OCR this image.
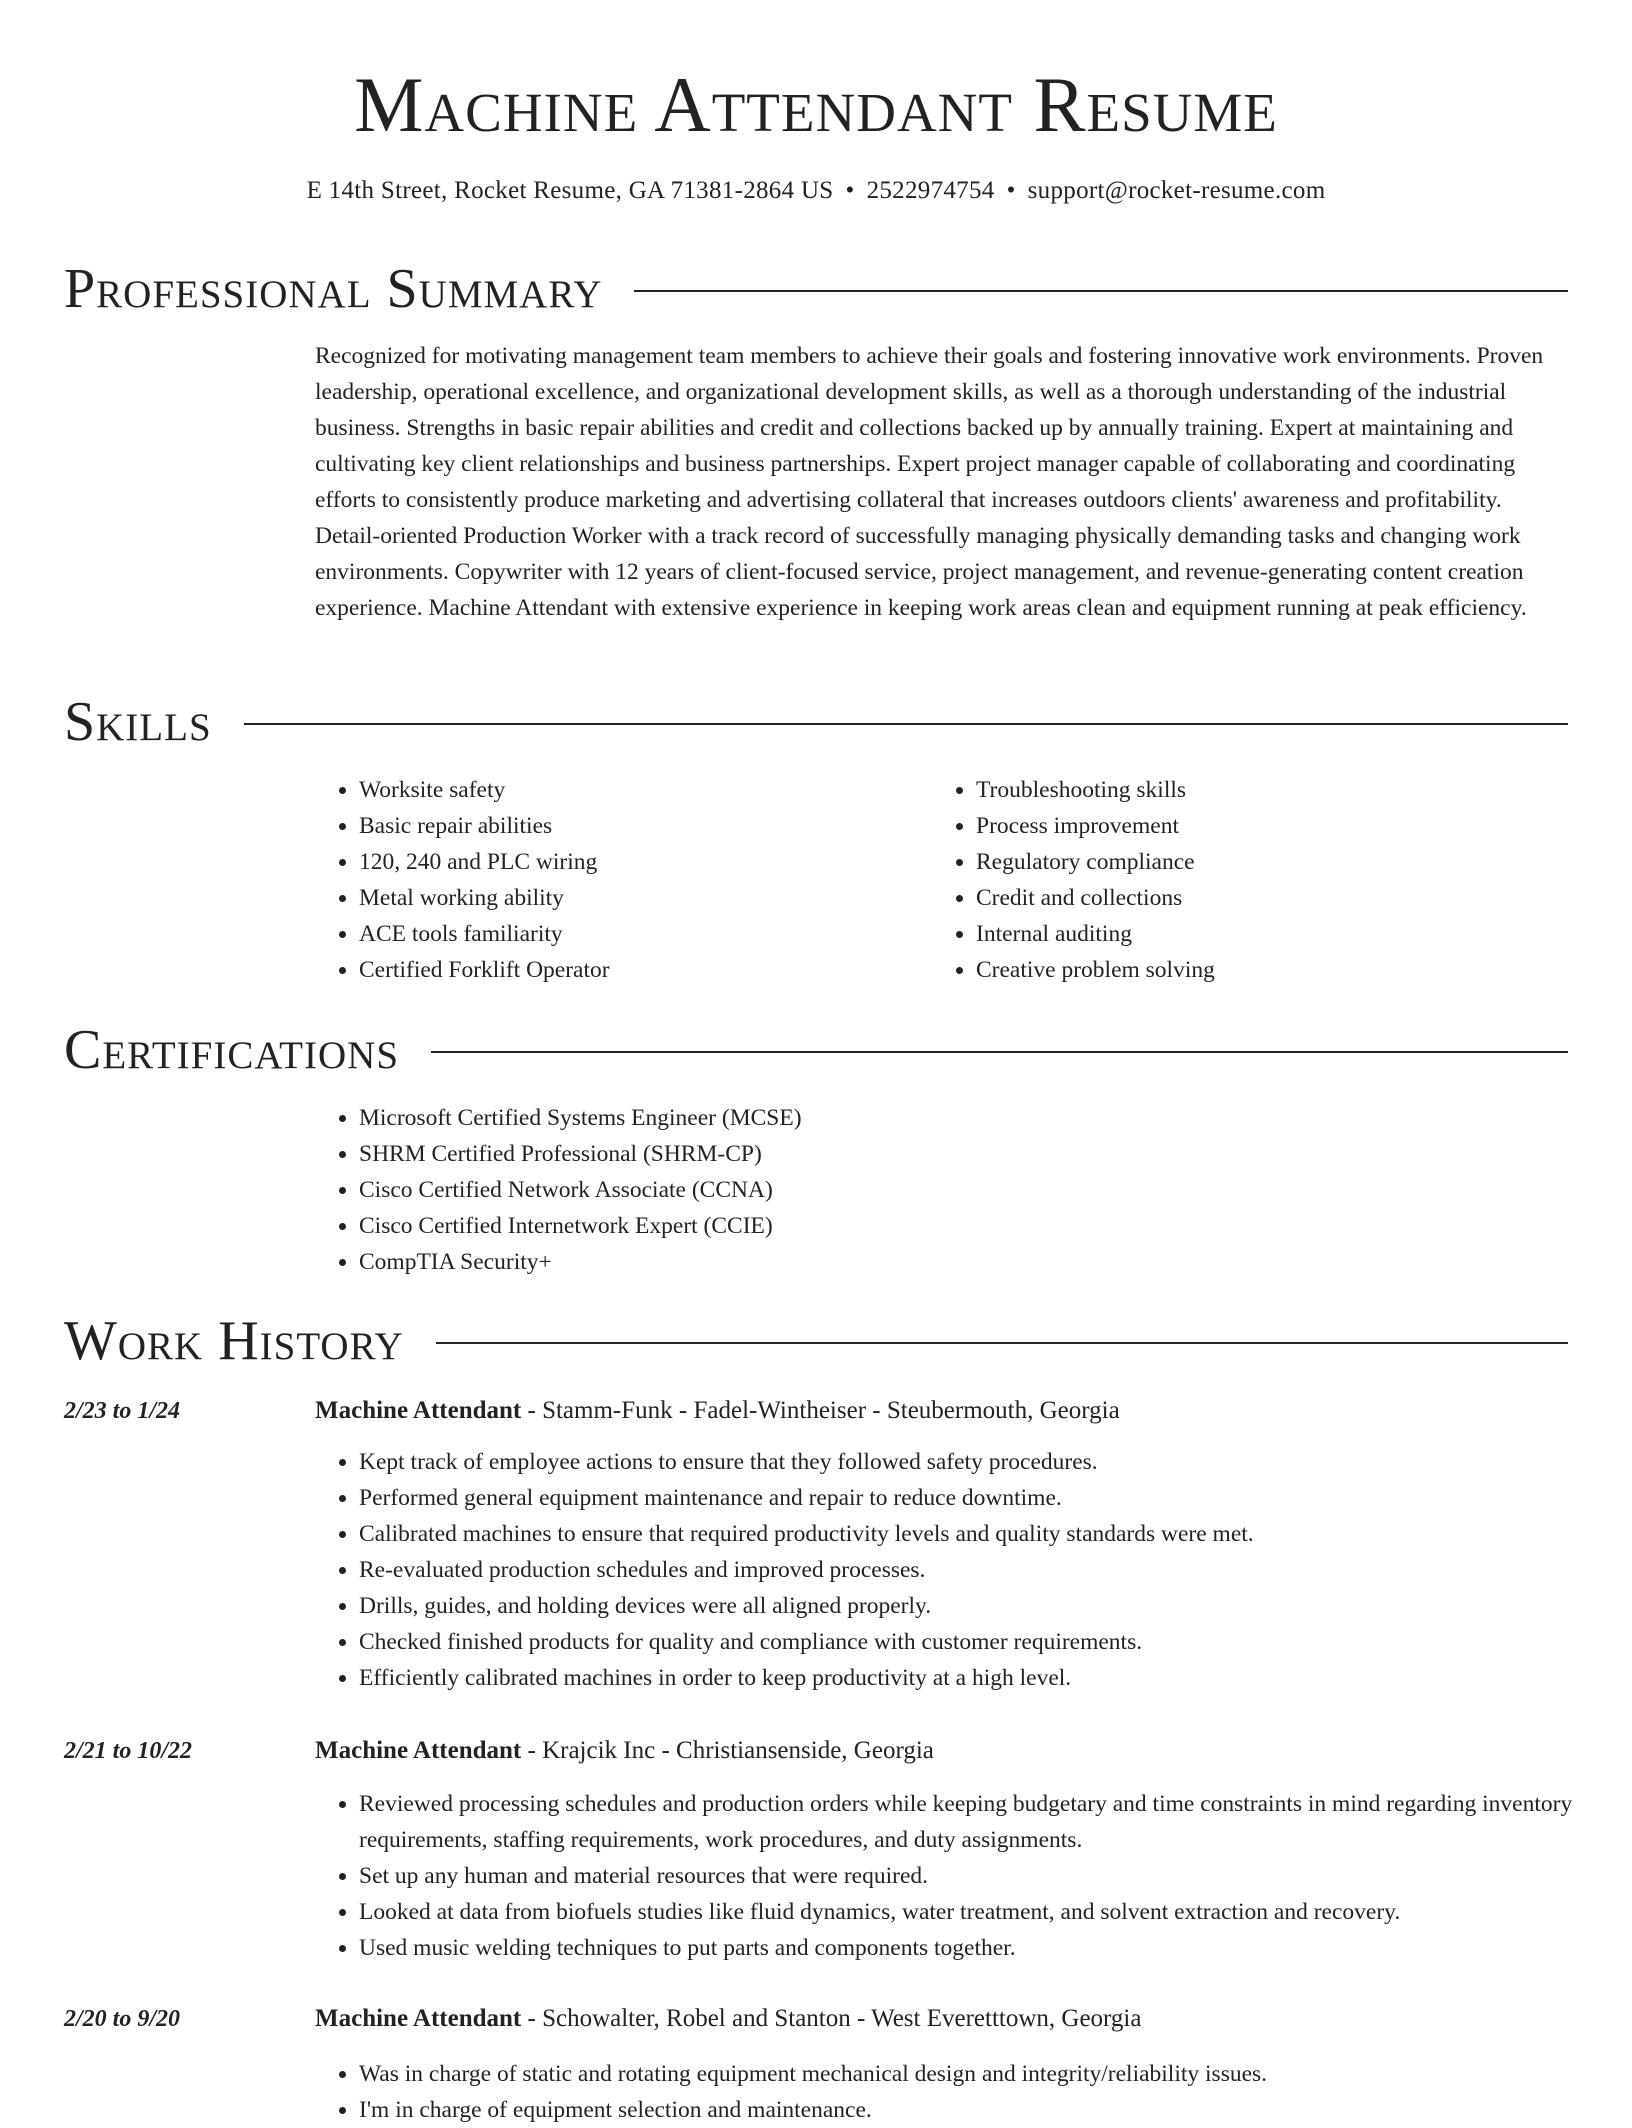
Machine Attendant Resume
E 14th Street, Rocket Resume, GA 71381-2864 US • 2522974754 • support@rocket-resume.com
Professional Summary

Recognized for motivating management team members to achieve their goals and fostering innovative work environments. Proven leadership, operational excellence, and organizational development skills, as well as a thorough understanding of the industrial business. Strengths in basic repair abilities and credit and collections backed up by annually training. Expert at maintaining and cultivating key client relationships and business partnerships. Expert project manager capable of collaborating and coordinating efforts to consistently produce marketing and advertising collateral that increases outdoors clients' awareness and profitability. Detail-oriented Production Worker with a track record of successfully managing physically demanding tasks and changing work environments. Copywriter with 12 years of client-focused service, project management, and revenue-generating content creation experience. Machine Attendant with extensive experience in keeping work areas clean and equipment running at peak efficiency.

Skills
• Worksite safety
• Basic repair abilities
• 120, 240 and PLC wiring
• Metal working ability
• ACE tools familiarity
• Certified Forklift Operator
• Troubleshooting skills
• Process improvement
• Regulatory compliance
• Credit and collections
• Internal auditing
• Creative problem solving
Certifications
• Microsoft Certified Systems Engineer (MCSE)
• SHRM Certified Professional (SHRM-CP)
• Cisco Certified Network Associate (CCNA)
• Cisco Certified Internetwork Expert (CCIE)
• CompTIA Security+
Work History
2/23 to 1/24	Machine Attendant - Stamm-Funk - Fadel-Wintheiser - Steubermouth, Georgia
• Kept track of employee actions to ensure that they followed safety procedures.
• Performed general equipment maintenance and repair to reduce downtime.
• Calibrated machines to ensure that required productivity levels and quality standards were met.
• Re-evaluated production schedules and improved processes.
• Drills, guides, and holding devices were all aligned properly.
• Checked finished products for quality and compliance with customer requirements.
• Efficiently calibrated machines in order to keep productivity at a high level.
2/21 to 10/22	Machine Attendant - Krajcik Inc - Christiansenside, Georgia
• Reviewed processing schedules and production orders while keeping budgetary and time constraints in mind regarding inventory requirements, staffing requirements, work procedures, and duty assignments.
• Set up any human and material resources that were required.
• Looked at data from biofuels studies like fluid dynamics, water treatment, and solvent extraction and recovery.
• Used music welding techniques to put parts and components together.
2/20 to 9/20	Machine Attendant - Schowalter, Robel and Stanton - West Everetttown, Georgia
• Was in charge of static and rotating equipment mechanical design and integrity/reliability issues.
• I'm in charge of equipment selection and maintenance.
